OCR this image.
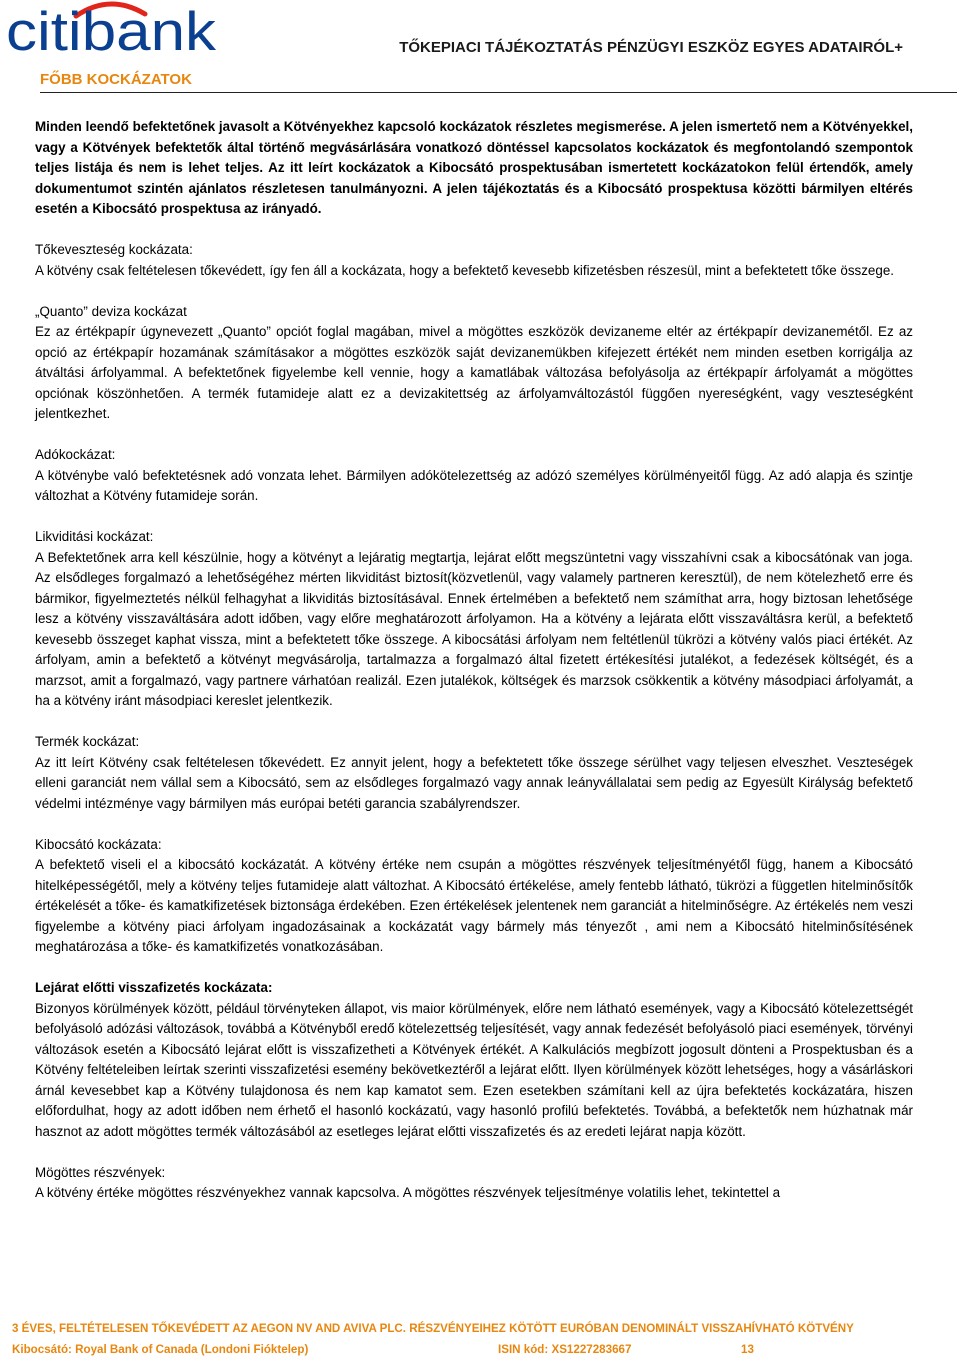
citibank	TŐKEPIACI TÁJÉKOZTATÁS PÉNZÜGYI ESZKÖZ EGYES ADATAIRÓL+
FŐBB KOCKÁZATOK

Minden leendő befektetőnek javasolt a Kötvényekhez kapcsoló kockázatok részletes megismerése. A jelen ismertető nem a Kötvényekkel, vagy a Kötvények befektetők által történő megvásárlására vonatkozó döntéssel kapcsolatos kockázatok és megfontolandó szempontok teljes listája és nem is lehet teljes. Az itt leírt kockázatok a Kibocsátó prospektusában ismertetett kockázatokon felül értendők, amely dokumentumot szintén ajánlatos részletesen tanulmányozni. A jelen tájékoztatás és a Kibocsátó prospektusa közötti bármilyen eltérés esetén a Kibocsátó prospektusa az irányadó.

Tőkeveszteség kockázata:
A kötvény csak feltételesen tőkevédett, így fen áll a kockázata, hogy a befektető kevesebb kifizetésben részesül, mint a befektetett tőke összege.

„Quanto” deviza kockázat
Ez az értékpapír úgynevezett „Quanto” opciót foglal magában, mivel a mögöttes eszközök devizaneme eltér az értékpapír devizanemétől. Ez az opció az értékpapír hozamának számításakor a mögöttes eszközök saját devizanemükben kifejezett értékét nem minden esetben korrigálja az átváltási árfolyammal. A befektetőnek figyelembe kell vennie, hogy a kamatlábak változása befolyásolja az értékpapír árfolyamát a mögöttes opciónak köszönhetően. A termék futamideje alatt ez a devizakitettség az árfolyamváltozástól függően nyereségként, vagy veszteségként jelentkezhet.

Adókockázat:
A kötvénybe való befektetésnek adó vonzata lehet. Bármilyen adókötelezettség az adózó személyes körülményeitől függ. Az adó alapja és szintje változhat a Kötvény futamideje során.

Likviditási kockázat:
A Befektetőnek arra kell készülnie, hogy a kötvényt a lejáratig megtartja, lejárat előtt megszüntetni vagy visszahívni csak a kibocsátónak van joga. Az elsődleges forgalmazó a lehetőségéhez mérten likviditást biztosít(közvetlenül, vagy valamely partneren keresztül), de nem kötelezhető erre és bármikor, figyelmeztetés nélkül felhagyhat a likviditás biztosításával. Ennek értelmében a befektető nem számíthat arra, hogy biztosan lehetősége lesz a kötvény visszaváltására adott időben, vagy előre meghatározott árfolyamon. Ha a kötvény a lejárata előtt visszaváltásra kerül, a befektető kevesebb összeget kaphat vissza, mint a befektetett tőke összege. A kibocsátási árfolyam nem feltétlenül tükrözi a kötvény valós piaci értékét. Az árfolyam, amin a befektető a kötvényt megvásárolja, tartalmazza a forgalmazó által fizetett értékesítési jutalékot, a fedezések költségét, és a marzsot, amit a forgalmazó, vagy partnere várhatóan realizál. Ezen jutalékok, költségek és marzsok csökkentik a kötvény másodpiaci árfolyamát, a ha a kötvény iránt másodpiaci kereslet jelentkezik.

Termék kockázat:
Az itt leírt Kötvény csak feltételesen tőkevédett. Ez annyit jelent, hogy a befektetett tőke összege sérülhet vagy teljesen elveszhet. Veszteségek elleni garanciát nem vállal sem a Kibocsátó, sem az elsődleges forgalmazó vagy annak leányvállalatai sem pedig az Egyesült Királyság befektető védelmi intézménye vagy bármilyen más európai betéti garancia szabályrendszer.

Kibocsátó kockázata:
A befektető viseli el a kibocsátó kockázatát. A kötvény értéke nem csupán a mögöttes részvények teljesítményétől függ, hanem a Kibocsátó hitelképességétől, mely a kötvény teljes futamideje alatt változhat. A Kibocsátó értékelése, amely fentebb látható, tükrözi a független hitelminősítők értékelését a tőke- és kamatkifizetések biztonsága érdekében. Ezen értékelések jelentenek nem garanciát a hitelminőségre. Az értékelés nem veszi figyelembe a kötvény piaci árfolyam ingadozásainak a kockázatát vagy bármely más tényezőt , ami nem a Kibocsátó hitelminősítésének meghatározása a tőke- és kamatkifizetés vonatkozásában.

Lejárat előtti visszafizetés kockázata:
Bizonyos körülmények között, például törvényteken állapot, vis maior körülmények, előre nem látható események, vagy a Kibocsátó kötelezettségét befolyásoló adózási változások, továbbá a Kötvényből eredő kötelezettség teljesítését, vagy annak fedezését befolyásoló piaci események, törvényi változások esetén a Kibocsátó lejárat előtt is visszafizetheti a Kötvények értékét. A Kalkulációs megbízott jogosult dönteni a Prospektusban és a Kötvény feltételeiben leírtak szerinti visszafizetési esemény bekövetkeztéről a lejárat előtt. Ilyen körülmények között lehetséges, hogy a vásárláskori árnál kevesebbet kap a Kötvény tulajdonosa és nem kap kamatot sem. Ezen esetekben számítani kell az újra befektetés kockázatára, hiszen előfordulhat, hogy az adott időben nem érhető el hasonló kockázatú, vagy hasonló profilú befektetés. Továbbá, a befektetők nem húzhatnak már hasznot az adott mögöttes termék változásából az esetleges lejárat előtti visszafizetés és az eredeti lejárat napja között.

Mögöttes részvények:
A kötvény értéke mögöttes részvényekhez vannak kapcsolva. A mögöttes részvények teljesítménye volatilis lehet, tekintettel a

3 ÉVES, FELTÉTELESEN TŐKEVÉDETT AZ AEGON NV AND AVIVA PLC. RÉSZVÉNYEIHEZ KÖTÖTT EURÓBAN DENOMINÁLT VISSZAHÍVHATÓ KÖTVÉNY
Kibocsátó: Royal Bank of Canada (Londoni Fióktelep)	ISIN kód: XS1227283667	13
